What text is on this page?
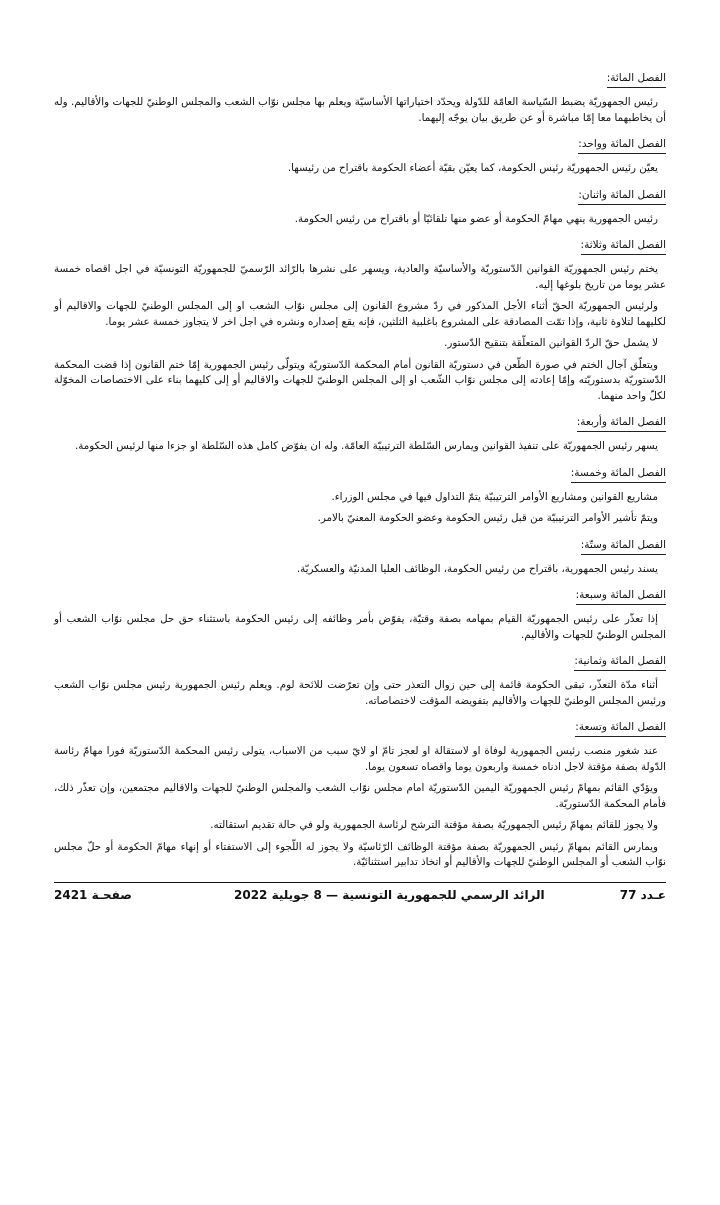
الفصل المائة:

رئيس الجمهوريّة يضبط السّياسة العامّة للدّولة ويحدّد اختياراتها الأساسيّة ويعلم بها مجلس نوّاب الشعب والمجلس الوطنيّ للجهات والأقاليم. وله أن يخاطبهما معا إمّا مباشرة أو عن طريق بيان يوجّه إليهما.

الفصل المائة وواحد:

يعيّن رئيس الجمهوريّة رئيس الحكومة، كما يعيّن بقيّة أعضاء الحكومة باقتراح من رئيسها.

الفصل المائة واثنان:

رئيس الجمهورية ينهي مهامّ الحكومة أو عضو منها تلقائيّا أو باقتراح من رئيس الحكومة.

الفصل المائة وثلاثة:

يختم رئيس الجمهوريّة القوانين الدّستوريّة والأساسيّة والعادية، ويسهر على نشرها بالرّائد الرّسميّ للجمهوريّة التونسيّة في اجل اقصاه خمسة عشر يوما من تاريخ بلوغها إليه.

ولرئيس الجمهوريّة الحقّ أثناء الأجل المذكور في ردّ مشروع القانون إلى مجلس نوّاب الشعب او إلى المجلس الوطنيّ للجهات والاقاليم أو لكليهما لتلاوة ثانية، وإذا تمّت المصادقة على المشروع باغلبية الثلثين، فإنه يقع إصداره ونشره في اجل اخر لا يتجاوز خمسة عشر يوما.

لا يشمل حقّ الردّ القوانين المتعلّقة بتنقيح الدّستور.

ويتعلّق آجال الختم في صورة الطّعن في دستوريّة القانون أمام المحكمة الدّستوريّة ويتولّى رئيس الجمهورية إمّا ختم القانون إذا قضت المحكمة الدّستوريّة بدستوريّته وإمّا إعادته إلى مجلس نوّاب الشّعب او إلى المجلس الوطنيّ للجهات والاقاليم أو إلى كليهما بناء على الاختصاصات المخوّلة لكلّ واحد منهما.

الفصل المائة وأربعة:

يسهر رئيس الجمهوريّة على تنفيذ القوانين ويمارس السّلطة الترتيبيّة العامّة. وله ان يفوّض كامل هذه السّلطة او جزءا منها لرئيس الحكومة.

الفصل المائة وخمسة:

مشاريع القوانين ومشاريع الأوامر الترتيبيّة يتمّ التداول فيها في مجلس الوزراء.

ويتمّ تأشير الأوامر الترتيبيّة من قبل رئيس الحكومة وعضو الحكومة المعنيّ بالامر.

الفصل المائة وستّة:

يسند رئيس الجمهورية، باقتراح من رئيس الحكومة، الوظائف العليا المدنيّة والعسكريّة.

الفصل المائة وسبعة:

إذا تعذّر على رئيس الجمهوريّة القيام بمهامه بصفة وقتيّة، يفوّض بأمر وظائفه إلى رئيس الحكومة باستثناء حق حل مجلس نوّاب الشعب أو المجلس الوطنيّ للجهات والأقاليم.

الفصل المائة وثمانية:

أثناء مدّة التعذّر، تبقى الحكومة قائمة إلى حين زوال التعذر حتى وإن تعرّضت للائحة لوم. ويعلم رئيس الجمهورية رئيس مجلس نوّاب الشعب ورئيس المجلس الوطنيّ للجهات والأقاليم بتفويضه المؤقت لاختصاصاته.

الفصل المائة وتسعة:

عند شغور منصب رئيس الجمهورية لوفاة او لاستقالة او لعجز تامّ او لايّ سبب من الاسباب، يتولى رئيس المحكمة الدّستوريّة فورا مهامّ رئاسة الدّولة بصفة مؤقتة لاجل ادناه خمسة واربعون يوما واقصاه تسعون يوما.

ويؤدّي القائم بمهامّ رئيس الجمهوريّة اليمين الدّستوريّة امام مجلس نوّاب الشعب والمجلس الوطنيّ للجهات والاقاليم مجتمعين، وإن تعذّر ذلك، فأمام المحكمة الدّستوريّة.

ولا يجوز للقائم بمهامّ رئيس الجمهوريّة بصفة مؤقتة الترشح لرئاسة الجمهورية ولو في حالة تقديم استقالته.

ويمارس القائم بمهامّ رئيس الجمهوريّة بصفة مؤقتة الوظائف الرّئاسيّة ولا يجوز له اللّجوء إلى الاستفتاء أو إنهاء مهامّ الحكومة أو حلّ مجلس نوّاب الشعب أو المجلس الوطنيّ للجهات والأقاليم أو اتخاذ تدابير استثنائيّة.

صفحـة 2421	الرائد الرسمي للجمهورية التونسية — 8 جويلية 2022	عـدد 77
